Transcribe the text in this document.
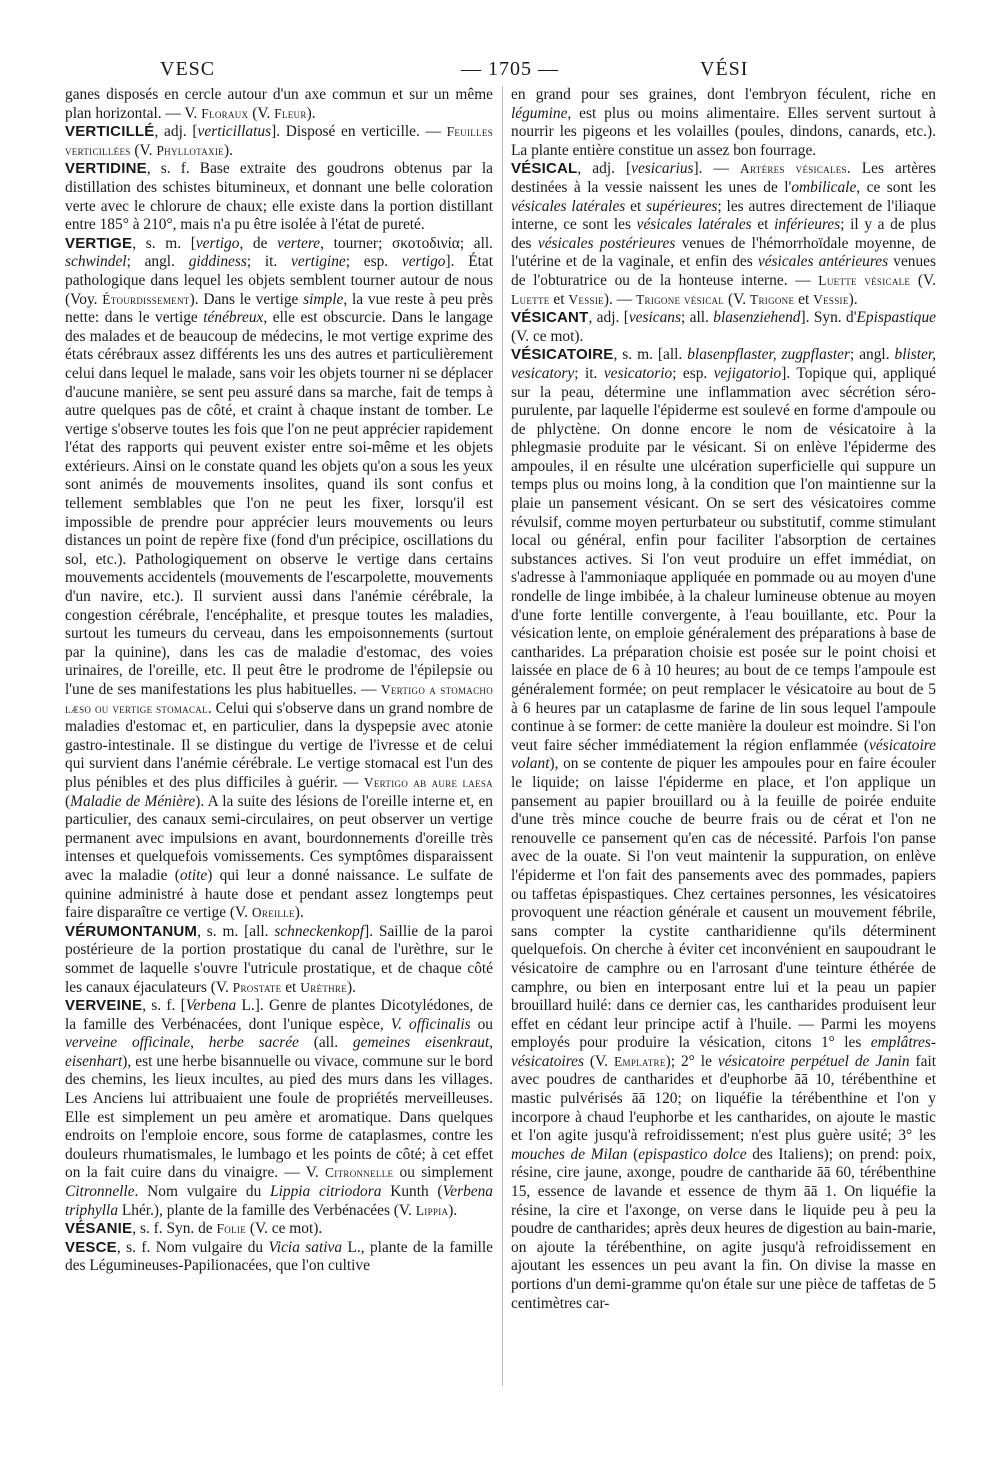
VESC	— 1705 —	VÉSI

ganes disposés en cercle autour d'un axe commun et sur un même plan horizontal. — V. Floraux (V. Fleur).

VERTICILLÉ, adj. [verticillatus]. Disposé en verticille. — Feuilles verticillées (V. Phyllotaxie).

VERTIDINE, s. f. Base extraite des goudrons obtenus par la distillation des schistes bitumineux, et donnant une belle coloration verte avec le chlorure de chaux; elle existe dans la portion distillant entre 185° à 210°, mais n'a pu être isolée à l'état de pureté.

VERTIGE, s. m. [vertigo, de vertere, tourner; σκοτοδινία; all. schwindel; angl. giddiness; it. vertigine; esp. vertigo]. État pathologique dans lequel les objets semblent tourner autour de nous (Voy. Étourdissement). Dans le vertige simple, la vue reste à peu près nette: dans le vertige ténébreux, elle est obscurcie. Dans le langage des malades et de beaucoup de médecins, le mot vertige exprime des états cérébraux assez différents les uns des autres et particulièrement celui dans lequel le malade, sans voir les objets tourner ni se déplacer d'aucune manière, se sent peu assuré dans sa marche, fait de temps à autre quelques pas de côté, et craint à chaque instant de tomber. Le vertige s'observe toutes les fois que l'on ne peut apprécier rapidement l'état des rapports qui peuvent exister entre soi-même et les objets extérieurs. Ainsi on le constate quand les objets qu'on a sous les yeux sont animés de mouvements insolites, quand ils sont confus et tellement semblables que l'on ne peut les fixer, lorsqu'il est impossible de prendre pour apprécier leurs mouvements ou leurs distances un point de repère fixe (fond d'un précipice, oscillations du sol, etc.). Pathologiquement on observe le vertige dans certains mouvements accidentels (mouvements de l'escarpolette, mouvements d'un navire, etc.). Il survient aussi dans l'anémie cérébrale, la congestion cérébrale, l'encéphalite, et presque toutes les maladies, surtout les tumeurs du cerveau, dans les empoisonnements (surtout par la quinine), dans les cas de maladie d'estomac, des voies urinaires, de l'oreille, etc. Il peut être le prodrome de l'épilepsie ou l'une de ses manifestations les plus habituelles. — Vertigo a stomacho læso ou vertige stomacal. Celui qui s'observe dans un grand nombre de maladies d'estomac et, en particulier, dans la dyspepsie avec atonie gastro-intestinale. Il se distingue du vertige de l'ivresse et de celui qui survient dans l'anémie cérébrale. Le vertige stomacal est l'un des plus pénibles et des plus difficiles à guérir. — Vertigo ab aure laesa (Maladie de Ménière). A la suite des lésions de l'oreille interne et, en particulier, des canaux semi-circulaires, on peut observer un vertige permanent avec impulsions en avant, bourdonnements d'oreille très intenses et quelquefois vomissements. Ces symptômes disparaissent avec la maladie (otite) qui leur a donné naissance. Le sulfate de quinine administré à haute dose et pendant assez longtemps peut faire disparaître ce vertige (V. Oreille).

VÉRUMONTANUM, s. m. [all. schneckenkopf]. Saillie de la paroi postérieure de la portion prostatique du canal de l'urèthre, sur le sommet de laquelle s'ouvre l'utricule prostatique, et de chaque côté les canaux éjaculateurs (V. Prostate et Urèthre).

VERVEINE, s. f. [Verbena L.]. Genre de plantes Dicotylédones, de la famille des Verbénacées, dont l'unique espèce, V. officinalis ou verveine officinale, herbe sacrée (all. gemeines eisenkraut, eisenhart), est une herbe bisannuelle ou vivace, commune sur le bord des chemins, les lieux incultes, au pied des murs dans les villages. Les Anciens lui attribuaient une foule de propriétés merveilleuses. Elle est simplement un peu amère et aromatique. Dans quelques endroits on l'emploie encore, sous forme de cataplasmes, contre les douleurs rhumatismales, le lumbago et les points de côté; à cet effet on la fait cuire dans du vinaigre. — V. Citronnelle ou simplement Citronnelle. Nom vulgaire du Lippia citriodora Kunth (Verbena triphylla Lhér.), plante de la famille des Verbénacées (V. Lippia).

VÉSANIE, s. f. Syn. de Folie (V. ce mot).

VESCE, s. f. Nom vulgaire du Vicia sativa L., plante de la famille des Légumineuses-Papilionacées, que l'on cultive

en grand pour ses graines, dont l'embryon féculent, riche en légumine, est plus ou moins alimentaire. Elles servent surtout à nourrir les pigeons et les volailles (poules, dindons, canards, etc.). La plante entière constitue un assez bon fourrage.

VÉSICAL, adj. [vesicarius]. — Artères vésicales. Les artères destinées à la vessie naissent les unes de l'ombilicale, ce sont les vésicales latérales et supérieures; les autres directement de l'iliaque interne, ce sont les vésicales latérales et inférieures; il y a de plus des vésicales postérieures venues de l'hémorrhoïdale moyenne, de l'utérine et de la vaginale, et enfin des vésicales antérieures venues de l'obturatrice ou de la honteuse interne. — Luette vésicale (V. Luette et Vessie). — Trigone vésical (V. Trigone et Vessie).

VÉSICANT, adj. [vesicans; all. blasenziehend]. Syn. d'Epispastique (V. ce mot).

VÉSICATOIRE, s. m. [all. blasenpflaster, zugpflaster; angl. blister, vesicatory; it. vesicatorio; esp. vejigatorio]. Topique qui, appliqué sur la peau, détermine une inflammation avec sécrétion séro-purulente, par laquelle l'épiderme est soulevé en forme d'ampoule ou de phlyctène. On donne encore le nom de vésicatoire à la phlegmasie produite par le vésicant. Si on enlève l'épiderme des ampoules, il en résulte une ulcération superficielle qui suppure un temps plus ou moins long, à la condition que l'on maintienne sur la plaie un pansement vésicant. On se sert des vésicatoires comme révulsif, comme moyen perturbateur ou substitutif, comme stimulant local ou général, enfin pour faciliter l'absorption de certaines substances actives. Si l'on veut produire un effet immédiat, on s'adresse à l'ammoniaque appliquée en pommade ou au moyen d'une rondelle de linge imbibée, à la chaleur lumineuse obtenue au moyen d'une forte lentille convergente, à l'eau bouillante, etc. Pour la vésication lente, on emploie généralement des préparations à base de cantharides. La préparation choisie est posée sur le point choisi et laissée en place de 6 à 10 heures; au bout de ce temps l'ampoule est généralement formée; on peut remplacer le vésicatoire au bout de 5 à 6 heures par un cataplasme de farine de lin sous lequel l'ampoule continue à se former: de cette manière la douleur est moindre. Si l'on veut faire sécher immédiatement la région enflammée (vésicatoire volant), on se contente de piquer les ampoules pour en faire écouler le liquide; on laisse l'épiderme en place, et l'on applique un pansement au papier brouillard ou à la feuille de poirée enduite d'une très mince couche de beurre frais ou de cérat et l'on ne renouvelle ce pansement qu'en cas de nécessité. Parfois l'on panse avec de la ouate. Si l'on veut maintenir la suppuration, on enlève l'épiderme et l'on fait des pansements avec des pommades, papiers ou taffetas épispastiques. Chez certaines personnes, les vésicatoires provoquent une réaction générale et causent un mouvement fébrile, sans compter la cystite cantharidienne qu'ils déterminent quelquefois. On cherche à éviter cet inconvénient en saupoudrant le vésicatoire de camphre ou en l'arrosant d'une teinture éthérée de camphre, ou bien en interposant entre lui et la peau un papier brouillard huilé: dans ce dernier cas, les cantharides produisent leur effet en cédant leur principe actif à l'huile. — Parmi les moyens employés pour produire la vésication, citons 1° les emplâtres-vésicatoires (V. Emplatre); 2° le vésicatoire perpétuel de Janin fait avec poudres de cantharides et d'euphorbe āā 10, térébenthine et mastic pulvérisés āā 120; on liquéfie la térébenthine et l'on y incorpore à chaud l'euphorbe et les cantharides, on ajoute le mastic et l'on agite jusqu'à refroidissement; n'est plus guère usité; 3° les mouches de Milan (epispastico dolce des Italiens); on prend: poix, résine, cire jaune, axonge, poudre de cantharide āā 60, térébenthine 15, essence de lavande et essence de thym āā 1. On liquéfie la résine, la cire et l'axonge, on verse dans le liquide peu à peu la poudre de cantharides; après deux heures de digestion au bain-marie, on ajoute la térébenthine, on agite jusqu'à refroidissement en ajoutant les essences un peu avant la fin. On divise la masse en portions d'un demi-gramme qu'on étale sur une pièce de taffetas de 5 centimètres car-
